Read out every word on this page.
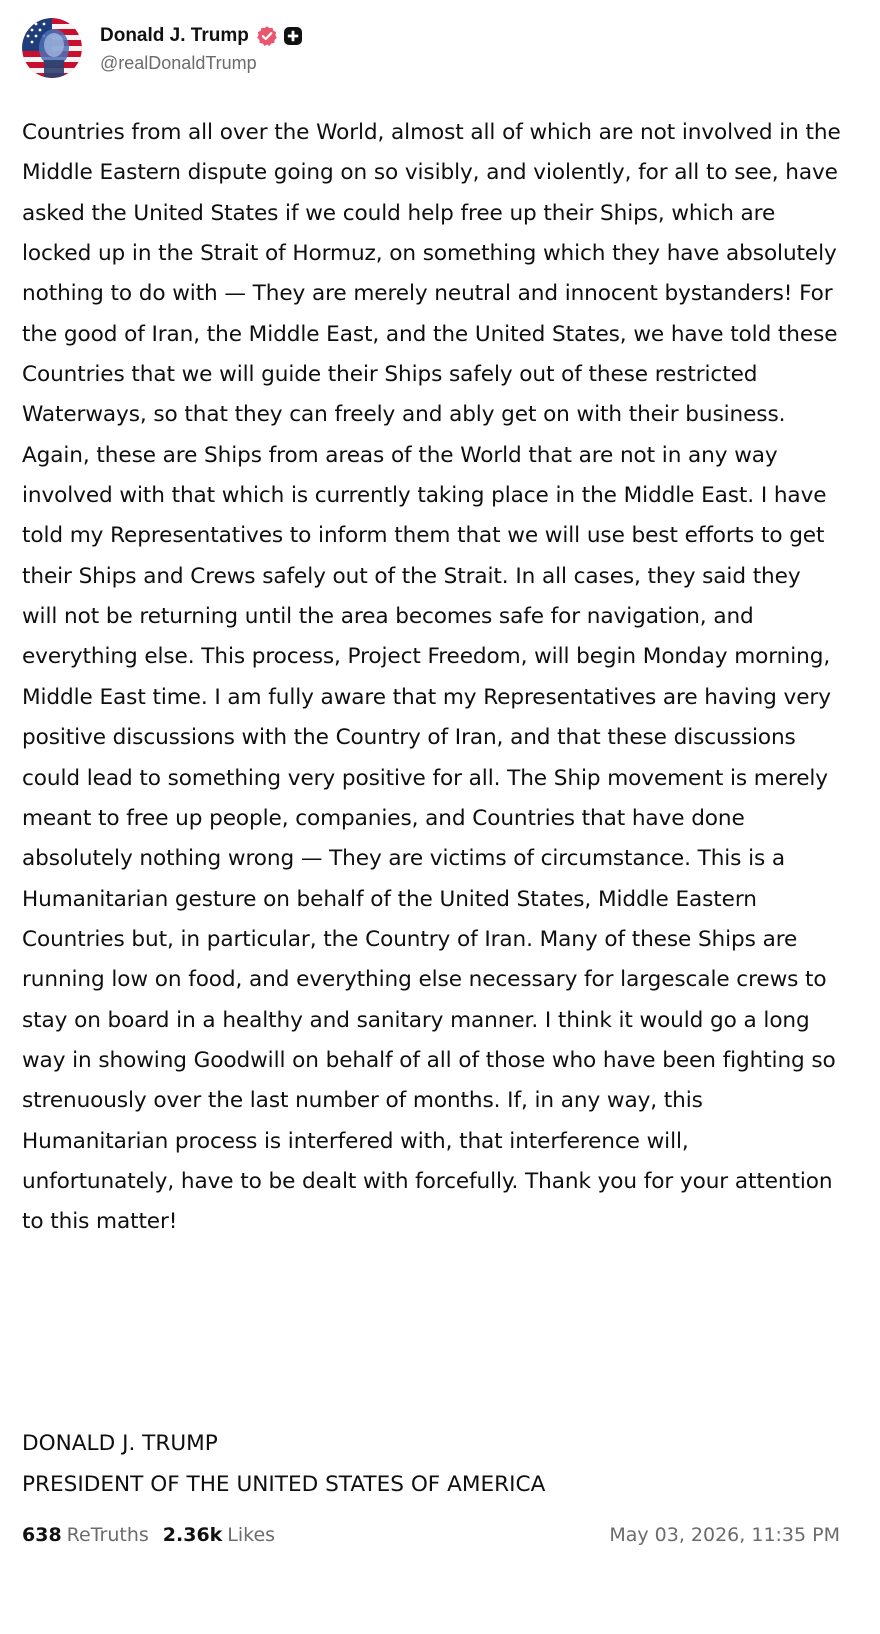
Donald J. Trump
@realDonaldTrump
Countries from all over the World, almost all of which are not involved in the Middle Eastern dispute going on so visibly, and violently, for all to see, have asked the United States if we could help free up their Ships, which are locked up in the Strait of Hormuz, on something which they have absolutely nothing to do with — They are merely neutral and innocent bystanders! For the good of Iran, the Middle East, and the United States, we have told these Countries that we will guide their Ships safely out of these restricted Waterways, so that they can freely and ably get on with their business. Again, these are Ships from areas of the World that are not in any way involved with that which is currently taking place in the Middle East. I have told my Representatives to inform them that we will use best efforts to get their Ships and Crews safely out of the Strait. In all cases, they said they will not be returning until the area becomes safe for navigation, and everything else. This process, Project Freedom, will begin Monday morning, Middle East time. I am fully aware that my Representatives are having very positive discussions with the Country of Iran, and that these discussions could lead to something very positive for all. The Ship movement is merely meant to free up people, companies, and Countries that have done absolutely nothing wrong — They are victims of circumstance. This is a Humanitarian gesture on behalf of the United States, Middle Eastern Countries but, in particular, the Country of Iran. Many of these Ships are running low on food, and everything else necessary for largescale crews to stay on board in a healthy and sanitary manner. I think it would go a long way in showing Goodwill on behalf of all of those who have been fighting so strenuously over the last number of months. If, in any way, this Humanitarian process is interfered with, that interference will, unfortunately, have to be dealt with forcefully. Thank you for your attention to this matter!
DONALD J. TRUMP
PRESIDENT OF THE UNITED STATES OF AMERICA
638 ReTruths 2.36k Likes	May 03, 2026, 11:35 PM
